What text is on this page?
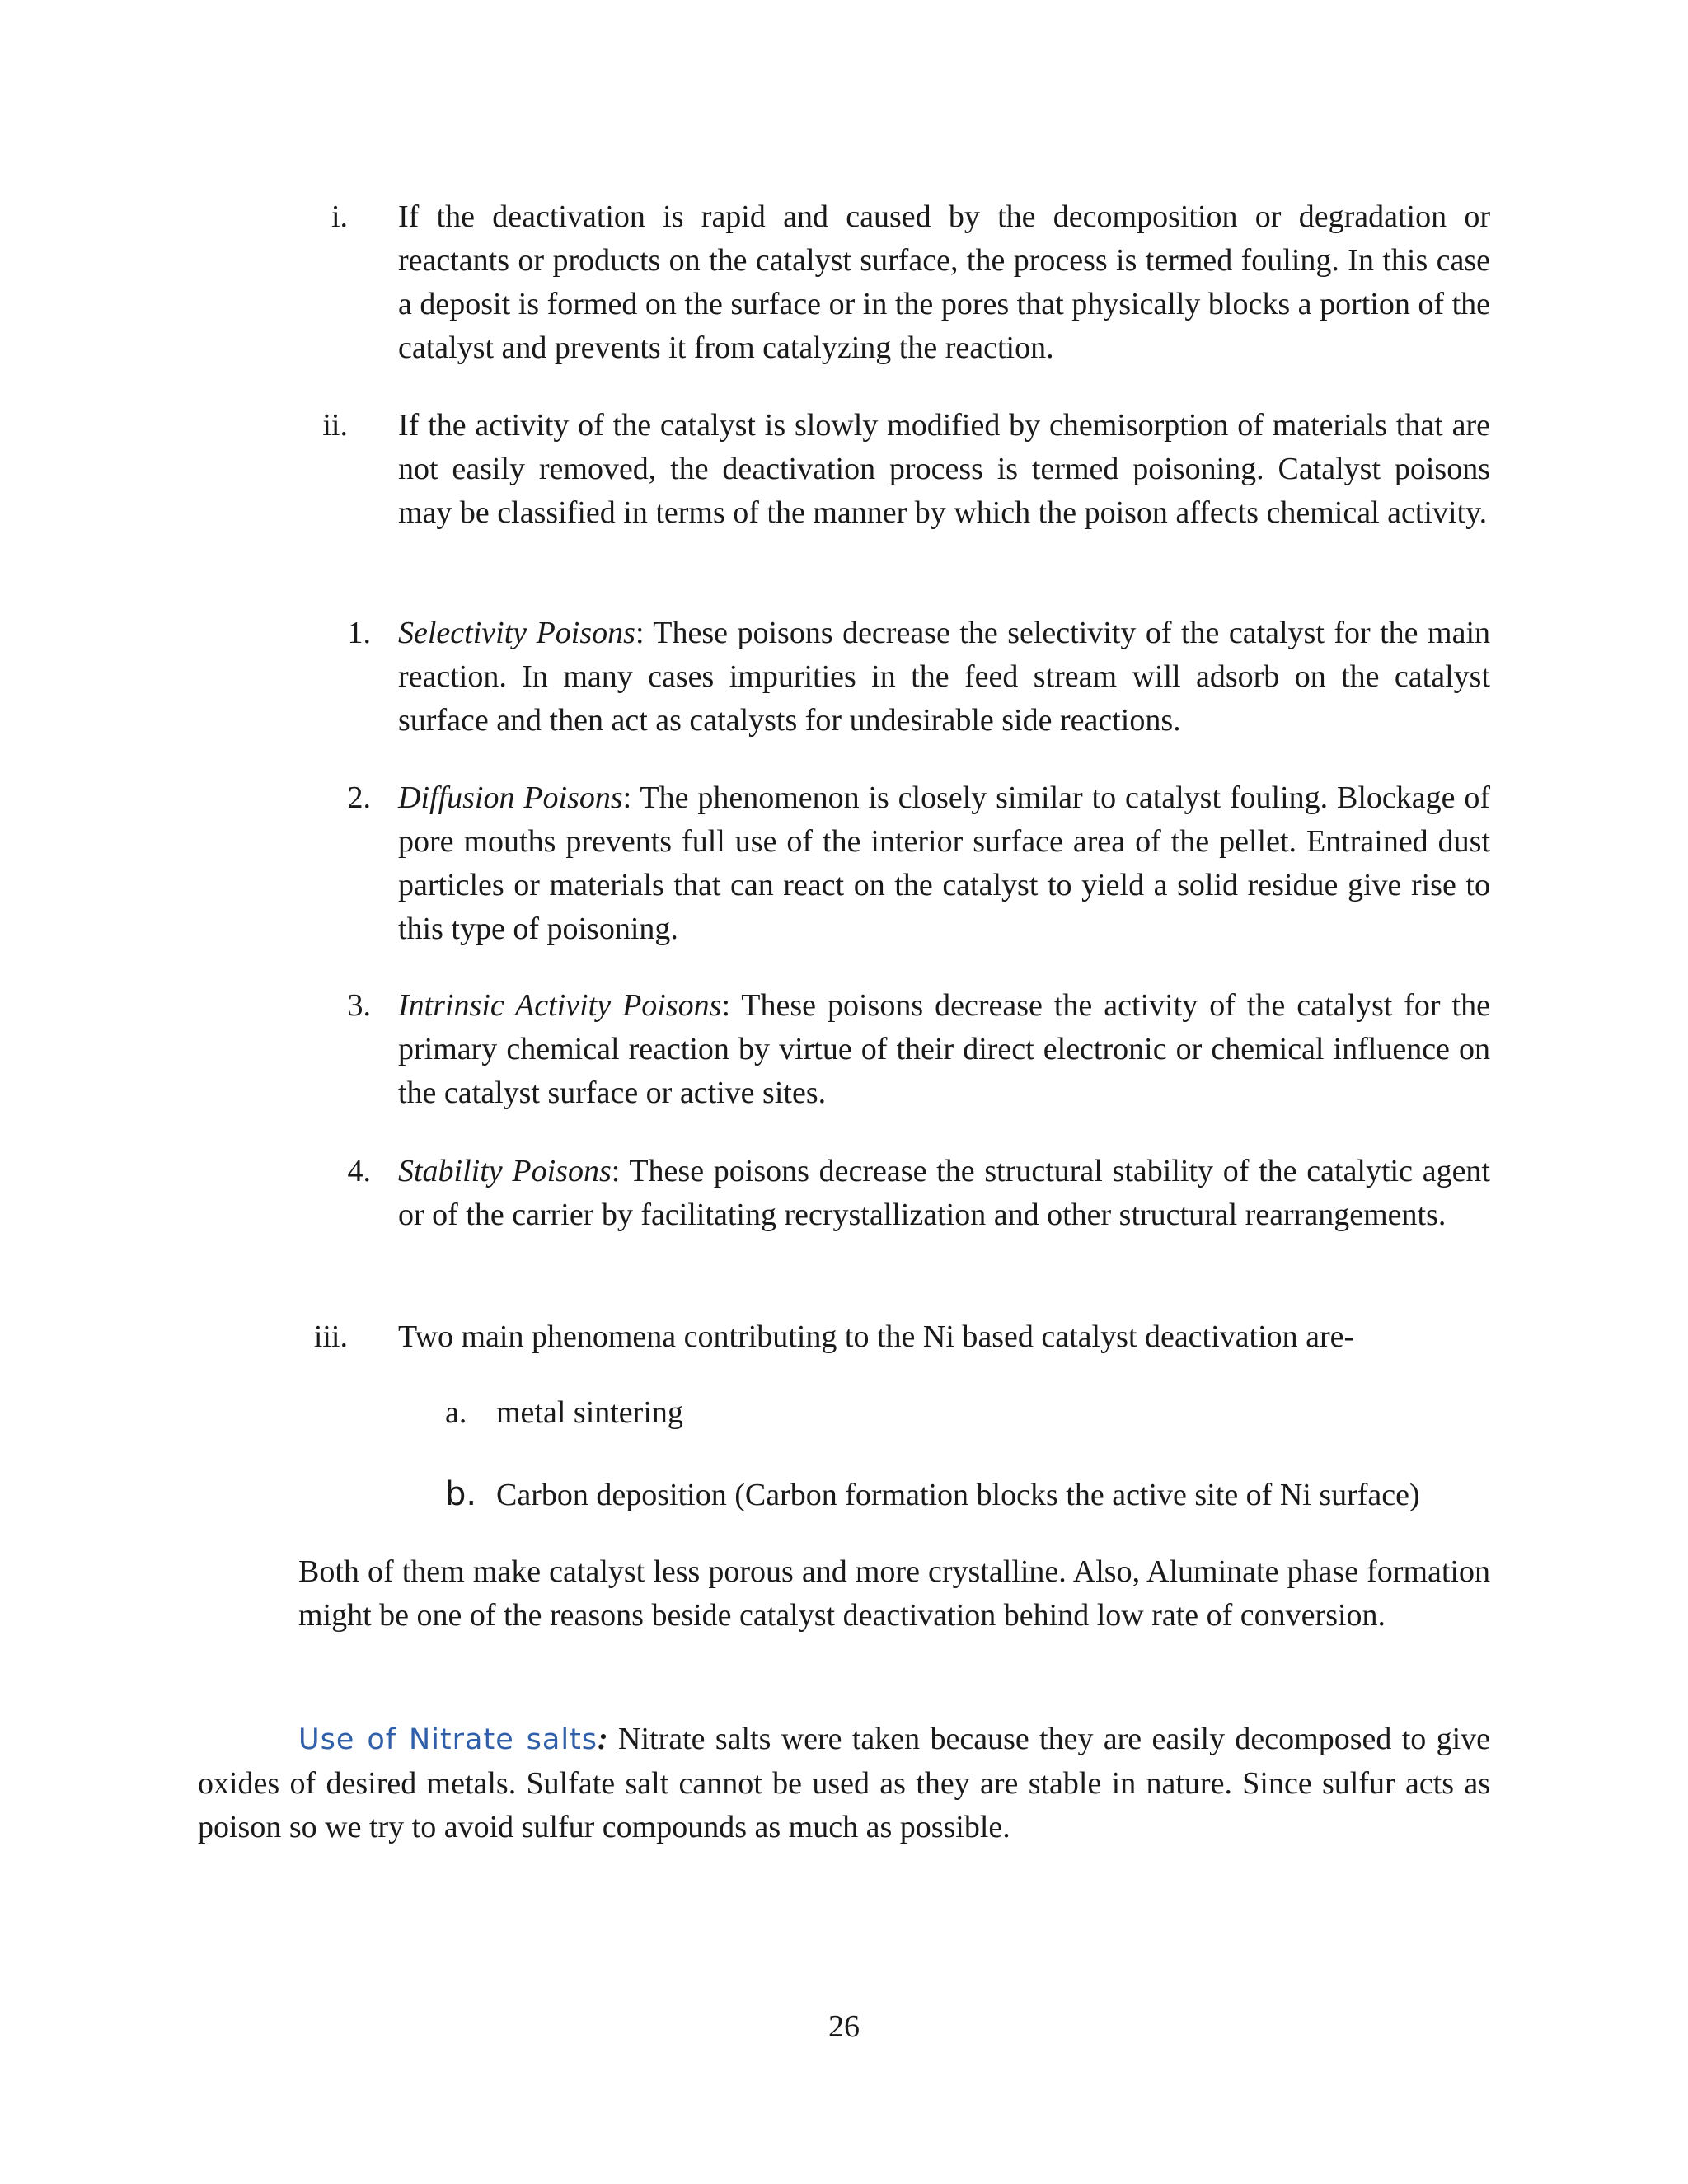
i. If the deactivation is rapid and caused by the decomposition or degradation or reactants or products on the catalyst surface, the process is termed fouling. In this case a deposit is formed on the surface or in the pores that physically blocks a portion of the catalyst and prevents it from catalyzing the reaction.
ii. If the activity of the catalyst is slowly modified by chemisorption of materials that are not easily removed, the deactivation process is termed poisoning. Catalyst poisons may be classified in terms of the manner by which the poison affects chemical activity.
1. Selectivity Poisons: These poisons decrease the selectivity of the catalyst for the main reaction. In many cases impurities in the feed stream will adsorb on the catalyst surface and then act as catalysts for undesirable side reactions.
2. Diffusion Poisons: The phenomenon is closely similar to catalyst fouling. Blockage of pore mouths prevents full use of the interior surface area of the pellet. Entrained dust particles or materials that can react on the catalyst to yield a solid residue give rise to this type of poisoning.
3. Intrinsic Activity Poisons: These poisons decrease the activity of the catalyst for the primary chemical reaction by virtue of their direct electronic or chemical influence on the catalyst surface or active sites.
4. Stability Poisons: These poisons decrease the structural stability of the catalytic agent or of the carrier by facilitating recrystallization and other structural rearrangements.
iii. Two main phenomena contributing to the Ni based catalyst deactivation are-
a. metal sintering
b. Carbon deposition (Carbon formation blocks the active site of Ni surface)
Both of them make catalyst less porous and more crystalline. Also, Aluminate phase formation might be one of the reasons beside catalyst deactivation behind low rate of conversion.
Use of Nitrate salts: Nitrate salts were taken because they are easily decomposed to give oxides of desired metals. Sulfate salt cannot be used as they are stable in nature. Since sulfur acts as poison so we try to avoid sulfur compounds as much as possible.
26
